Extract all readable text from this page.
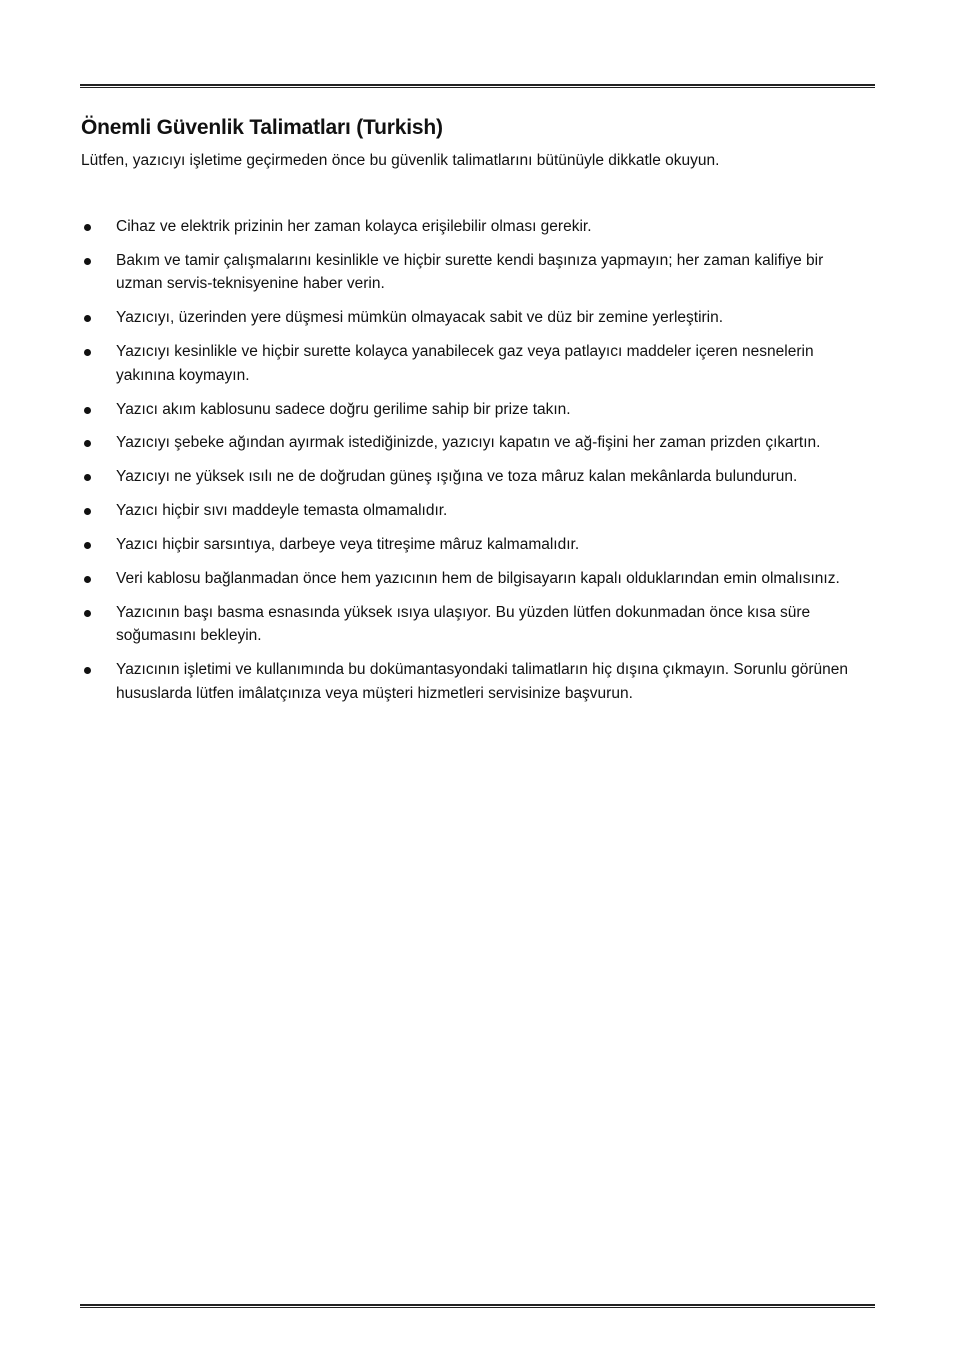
Önemli Güvenlik Talimatları (Turkish)

Lütfen, yazıcıyı işletime geçirmeden önce bu güvenlik talimatlarını bütünüyle dikkatle okuyun.

Cihaz ve elektrik prizinin her zaman kolayca erişilebilir olması gerekir.
Bakım ve tamir çalışmalarını kesinlikle ve hiçbir surette kendi başınıza yapmayın; her zaman kalifiye bir uzman servis-teknisyenine haber verin.
Yazıcıyı, üzerinden yere düşmesi mümkün olmayacak sabit ve düz bir zemine yerleştirin.
Yazıcıyı kesinlikle ve hiçbir surette kolayca yanabilecek gaz veya patlayıcı maddeler içeren nesnelerin yakınına koymayın.
Yazıcı akım kablosunu sadece doğru gerilime sahip bir prize takın.
Yazıcıyı şebeke ağından ayırmak istediğinizde, yazıcıyı kapatın ve ağ-fişini her zaman prizden çıkartın.
Yazıcıyı ne yüksek ısılı ne de doğrudan güneş ışığına ve toza mâruz kalan mekânlarda bulundurun.
Yazıcı hiçbir sıvı maddeyle temasta olmamalıdır.
Yazıcı hiçbir sarsıntıya, darbeye veya titreşime mâruz kalmamalıdır.
Veri kablosu bağlanmadan önce hem yazıcının hem de bilgisayarın kapalı olduklarından emin olmalısınız.
Yazıcının başı basma esnasında yüksek ısıya ulaşıyor. Bu yüzden lütfen dokunmadan önce kısa süre soğumasını bekleyin.
Yazıcının işletimi ve kullanımında bu dokümantasyondaki talimatların hiç dışına çıkmayın. Sorunlu görünen hususlarda lütfen imâlatçınıza veya müşteri hizmetleri servisinize başvurun.
